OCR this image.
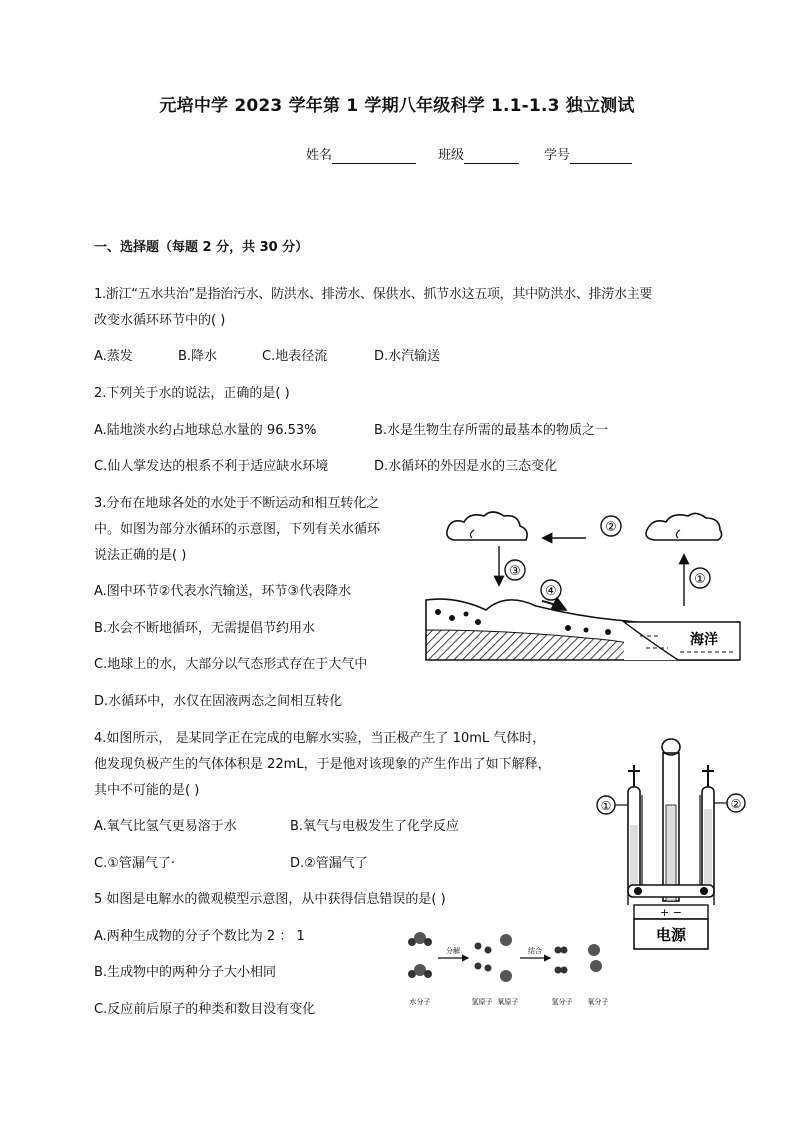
元培中学 2023 学年第 1 学期八年级科学 1.1-1.3 独立测试
姓名	班级	学号
一、选择题（每题 2 分，共 30 分）
1.浙江“五水共治”是指治污水、防洪水、排涝水、保供水、抓节水这五项，其中防洪水、排涝水主要
改变水循环环节中的( )
A.蒸发	B.降水	C.地表径流	D.水汽输送
2.下列关于水的说法，正确的是( )
A.陆地淡水约占地球总水量的 96.53%	B.水是生物生存所需的最基本的物质之一
C.仙人掌发达的根系不利于适应缺水环境	D.水循环的外因是水的三态变化
3.分布在地球各处的水处于不断运动和相互转化之
中。如图为部分水循环的示意图，下列有关水循环
说法正确的是( )
A.图中环节②代表水汽输送，环节③代表降水
B.水会不断地循环，无需提倡节约用水
C.地球上的水，大部分以气态形式存在于大气中
D.水循环中，水仅在固液两态之间相互转化
②
③
①
④
海洋
4.如图所示， 是某同学正在完成的电解水实验，当正极产生了 10mL 气体时，
他发现负极产生的气体体积是 22mL，于是他对该现象的产生作出了如下解释，
其中不可能的是( )
A.氧气比氢气更易溶于水	B.氧气与电极发生了化学反应
C.①管漏气了·	D.②管漏气了
①	②
+ −
电源
5 如图是电解水的微观模型示意图，从中获得信息错误的是( )
A.两种生成物的分子个数比为 2 ： 1
B.生成物中的两种分子大小相同
C.反应前后原子的种类和数目没有变化
分解	结合
水分子	氢原子 氧原子	氢分子 氧分子
